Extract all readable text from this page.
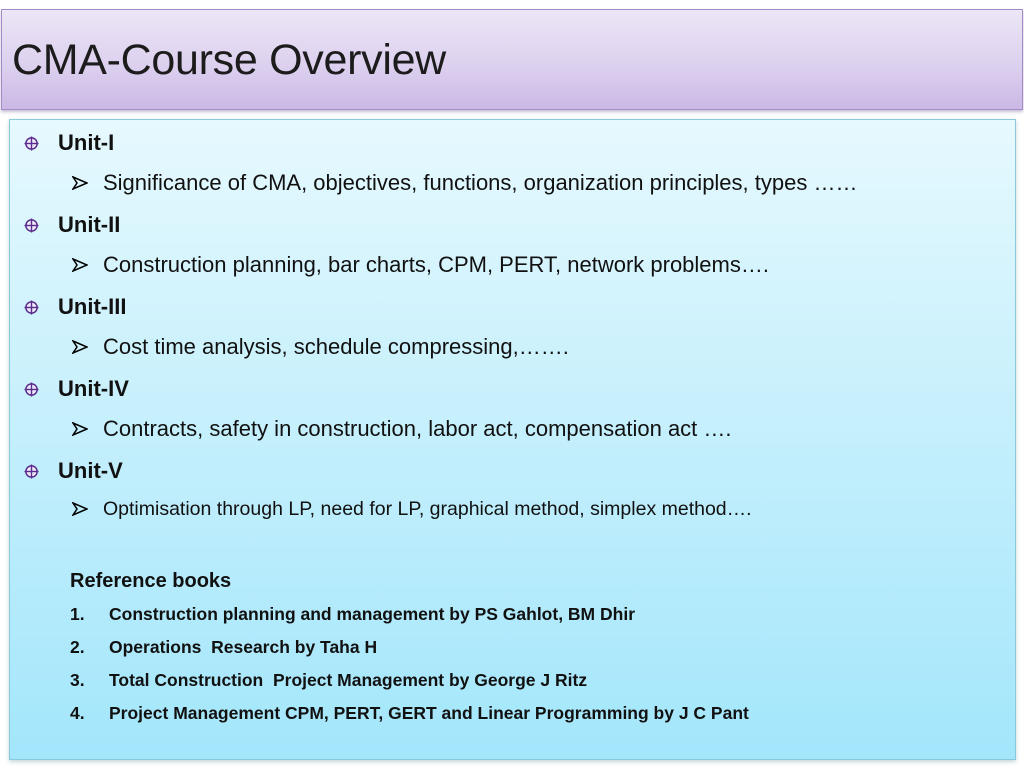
CMA-Course Overview
Unit-I
Significance of CMA, objectives, functions, organization principles, types ……
Unit-II
Construction planning, bar charts, CPM, PERT, network problems….
Unit-III
Cost time analysis, schedule compressing,…….
Unit-IV
Contracts, safety in construction, labor act, compensation act ….
Unit-V
Optimisation through LP, need for LP, graphical method, simplex method….
Reference books
1.	Construction planning and management by PS Gahlot, BM Dhir
2.	Operations  Research by Taha H
3.	Total Construction  Project Management by George J Ritz
4.	Project Management CPM, PERT, GERT and Linear Programming by J C Pant
